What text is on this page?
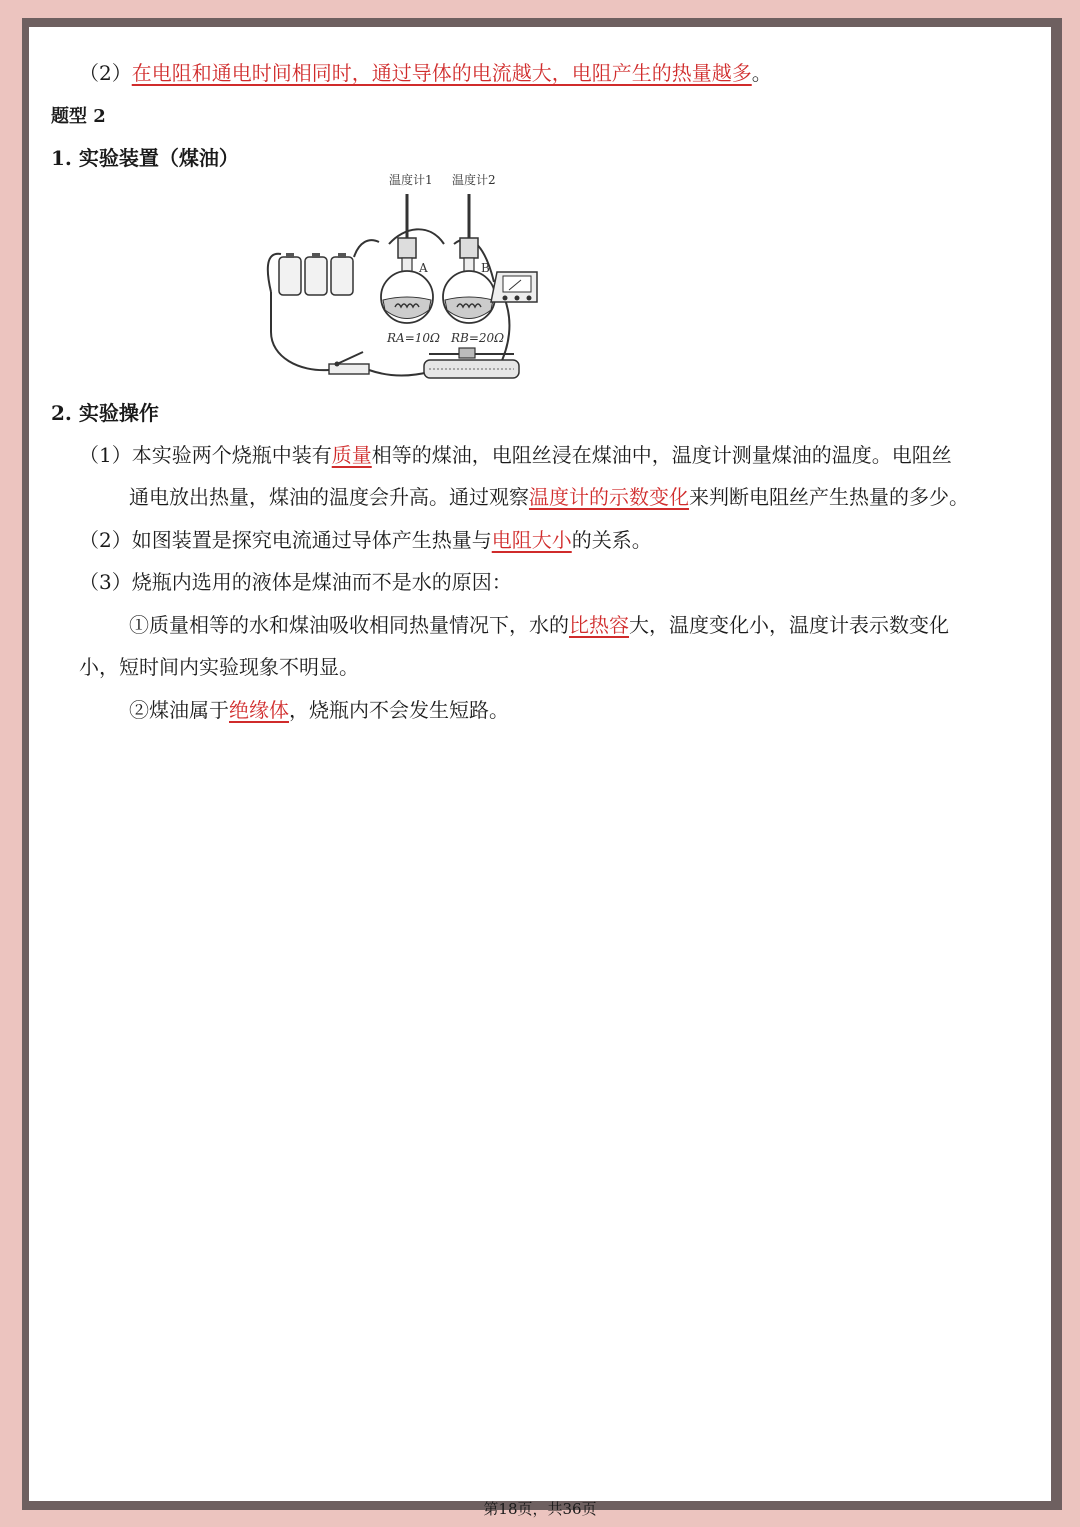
（2）在电阻和通电时间相同时，通过导体的电流越大，电阻产生的热量越多。
题型 2
1. 实验装置（煤油）
温度计1 温度计2
A	B
RA=10Ω RB=20Ω
2. 实验操作
（1）本实验两个烧瓶中装有质量相等的煤油，电阻丝浸在煤油中，温度计测量煤油的温度。电阻丝
通电放出热量，煤油的温度会升高。通过观察温度计的示数变化来判断电阻丝产生热量的多少。
（2）如图装置是探究电流通过导体产生热量与电阻大小的关系。
（3）烧瓶内选用的液体是煤油而不是水的原因：
①质量相等的水和煤油吸收相同热量情况下，水的比热容大，温度变化小，温度计表示数变化
小，短时间内实验现象不明显。
②煤油属于绝缘体，烧瓶内不会发生短路。
第18页，共36页
